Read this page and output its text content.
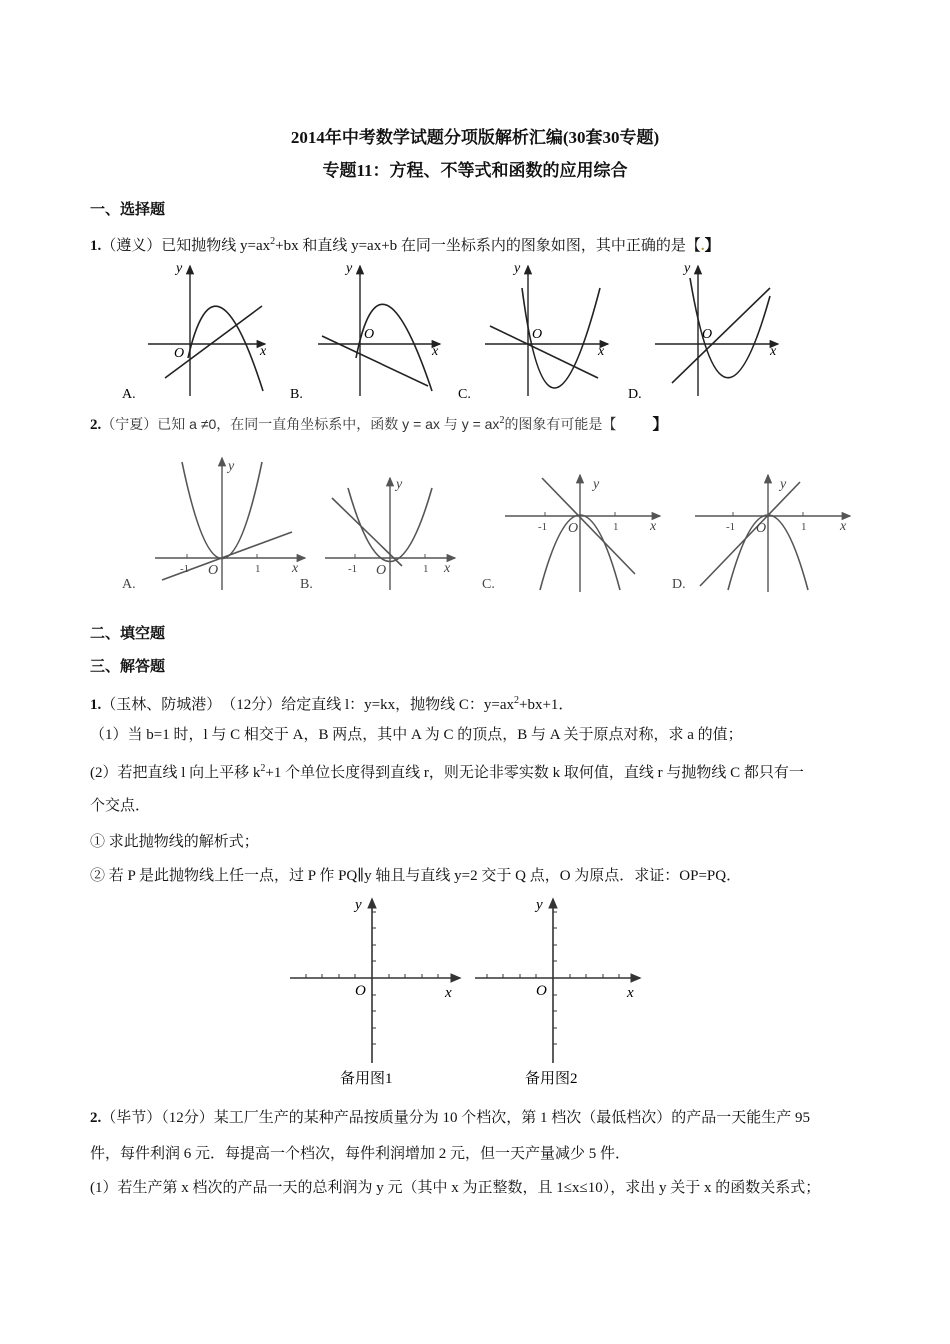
2014年中考数学试题分项版解析汇编(30套30专题)
专题11：方程、不等式和函数的应用综合
一、选择题
1.（遵义）已知抛物线 $y=ax^2+bx$ 和直线 y=ax+b 在同一坐标系内的图象如图，其中正确的是【.】
y
x
O
A.
y
x
O
B.
y
x
O
C.
y
x
O
D.
2.（宁夏）已知 a ≠0，在同一直角坐标系中，函数 y = ax 与 $y = ax^2$的图象有可能是【 】
y
x
O
-1	1
A.
y
x
O
-1	1
B.
y
x
O
-1	1
C.
y
x
O
-1	1
D.
二、填空题
三、解答题
1.（玉林、防城港）　（12分）给定直线 l：y=kx，抛物线 C：$y=ax^2+bx+1$．
（1）当 b=1 时，l 与 C 相交于 A，B 两点，其中 A 为 C 的顶点，B 与 A 关于原点对称，求 a 的值；
(2）若把直线 l 向上平移 $k^2+1$ 个单位长度得到直线 r，则无论非零实数 k 取何值，直线 r 与抛物线 C 都只有一
个交点．
① 求此抛物线的解析式；
② 若 P 是此抛物线上任一点，过 P 作 PQ∥y 轴且与直线 y=2 交于 Q 点，O 为原点．求证：OP=PQ．
y
x
O
备用图1
y
x
O
备用图2
2.（毕节）（12分）某工厂生产的某种产品按质量分为 10 个档次，第 1 档次（最低档次）的产品一天能生产 95
件，每件利润 6 元．每提高一个档次，每件利润增加 2 元，但一天产量减少 5 件．
(1）若生产第 x 档次的产品一天的总利润为 y 元（其中 x 为正整数，且 1≤x≤10），求出 y 关于 x 的函数关系式；
